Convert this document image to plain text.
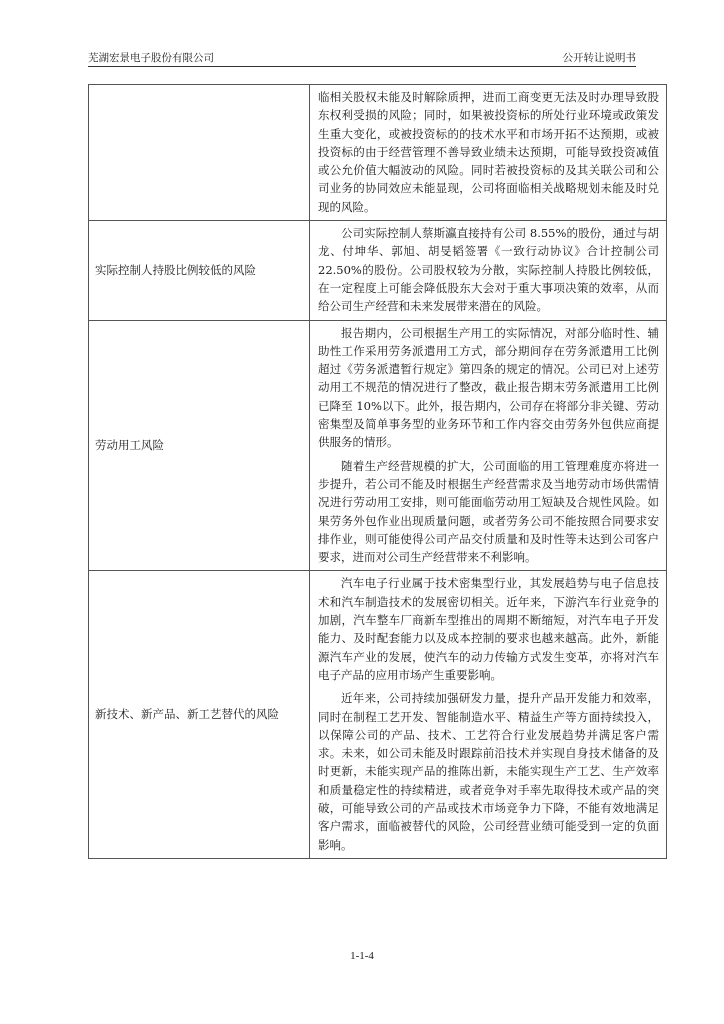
芜湖宏景电子股份有限公司	公开转让说明书

	临相关股权未能及时解除质押，进而工商变更无法及时办理导致股东权利受损的风险；同时，如果被投资标的所处行业环境或政策发生重大变化，或被投资标的的技术水平和市场开拓不达预期，或被投资标的由于经营管理不善导致业绩未达预期，可能导致投资减值或公允价值大幅波动的风险。同时若被投资标的及其关联公司和公司业务的协同效应未能显现，公司将面临相关战略规划未能及时兑现的风险。

实际控制人持股比例较低的风险	公司实际控制人蔡斯瀛直接持有公司 8.55%的股份，通过与胡龙、付坤华、郭旭、胡旻韬签署《一致行动协议》合计控制公司 22.50%的股份。公司股权较为分散，实际控制人持股比例较低，在一定程度上可能会降低股东大会对于重大事项决策的效率，从而给公司生产经营和未来发展带来潜在的风险。

劳动用工风险	报告期内，公司根据生产用工的实际情况，对部分临时性、辅助性工作采用劳务派遣用工方式，部分期间存在劳务派遣用工比例超过《劳务派遣暂行规定》第四条的规定的情况。公司已对上述劳动用工不规范的情况进行了整改，截止报告期末劳务派遣用工比例已降至 10%以下。此外，报告期内，公司存在将部分非关键、劳动密集型及简单事务型的业务环节和工作内容交由劳务外包供应商提供服务的情形。

随着生产经营规模的扩大，公司面临的用工管理难度亦将进一步提升，若公司不能及时根据生产经营需求及当地劳动市场供需情况进行劳动用工安排，则可能面临劳动用工短缺及合规性风险。如果劳务外包作业出现质量问题，或者劳务公司不能按照合同要求安排作业，则可能使得公司产品交付质量和及时性等未达到公司客户要求，进而对公司生产经营带来不利影响。

新技术、新产品、新工艺替代的风险	汽车电子行业属于技术密集型行业，其发展趋势与电子信息技术和汽车制造技术的发展密切相关。近年来，下游汽车行业竞争的加剧，汽车整车厂商新车型推出的周期不断缩短，对汽车电子开发能力、及时配套能力以及成本控制的要求也越来越高。此外，新能源汽车产业的发展，使汽车的动力传输方式发生变革，亦将对汽车电子产品的应用市场产生重要影响。

近年来，公司持续加强研发力量，提升产品开发能力和效率，同时在制程工艺开发、智能制造水平、精益生产等方面持续投入，以保障公司的产品、技术、工艺符合行业发展趋势并满足客户需求。未来，如公司未能及时跟踪前沿技术并实现自身技术储备的及时更新，未能实现产品的推陈出新，未能实现生产工艺、生产效率和质量稳定性的持续精进，或者竞争对手率先取得技术或产品的突破，可能导致公司的产品或技术市场竞争力下降，不能有效地满足客户需求，面临被替代的风险，公司经营业绩可能受到一定的负面影响。

1-1-4
